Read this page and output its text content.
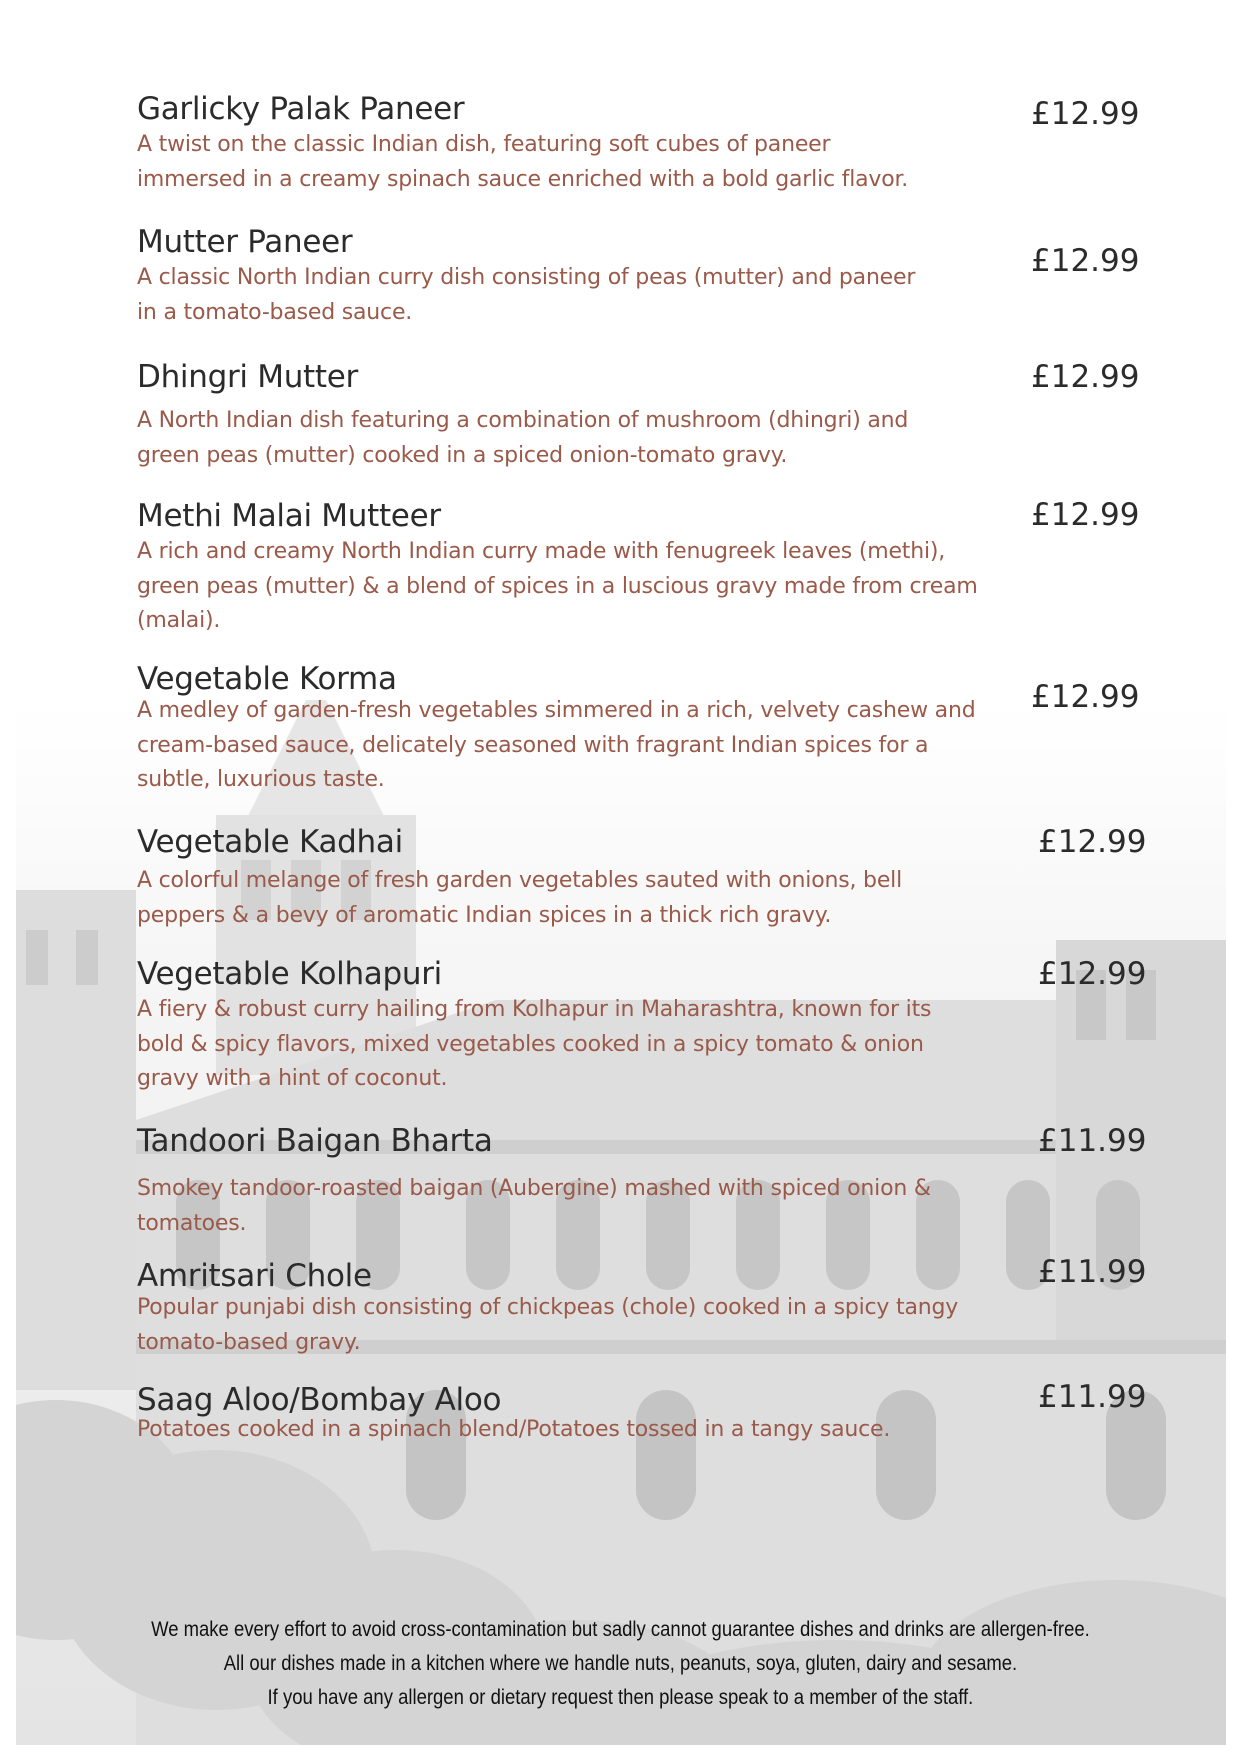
Garlicky Palak Paneer
A twist on the classic Indian dish, featuring soft cubes of paneer
immersed in a creamy spinach sauce enriched with a bold garlic flavor.
£12.99
Mutter Paneer
A classic North Indian curry dish consisting of peas (mutter) and paneer
in a tomato-based sauce.
£12.99
Dhingri Mutter
A North Indian dish featuring a combination of mushroom (dhingri) and
green peas (mutter) cooked in a spiced onion-tomato gravy.
£12.99
Methi Malai Mutteer
A rich and creamy North Indian curry made with fenugreek leaves (methi),
green peas (mutter) & a blend of spices in a luscious gravy made from cream
(malai).
£12.99
Vegetable Korma
A medley of garden-fresh vegetables simmered in a rich, velvety cashew and
cream-based sauce, delicately seasoned with fragrant Indian spices for a
subtle, luxurious taste.
£12.99
Vegetable Kadhai
A colorful melange of fresh garden vegetables sauted with onions, bell
peppers & a bevy of aromatic Indian spices in a thick rich gravy.
£12.99
Vegetable Kolhapuri
A fiery & robust curry hailing from Kolhapur in Maharashtra, known for its
bold & spicy flavors, mixed vegetables cooked in a spicy tomato & onion
gravy with a hint of coconut.
£12.99
Tandoori Baigan Bharta
Smokey tandoor-roasted baigan (Aubergine) mashed with spiced onion &
tomatoes.
£11.99
Amritsari Chole
Popular punjabi dish consisting of chickpeas (chole) cooked in a spicy tangy
tomato-based gravy.
£11.99
Saag Aloo/Bombay Aloo
Potatoes cooked in a spinach blend/Potatoes tossed in a tangy sauce.
£11.99
We make every effort to avoid cross-contamination but sadly cannot guarantee dishes and drinks are allergen-free.
All our dishes made in a kitchen where we handle nuts, peanuts, soya, gluten, dairy and sesame.
If you have any allergen or dietary request then please speak to a member of the staff.
